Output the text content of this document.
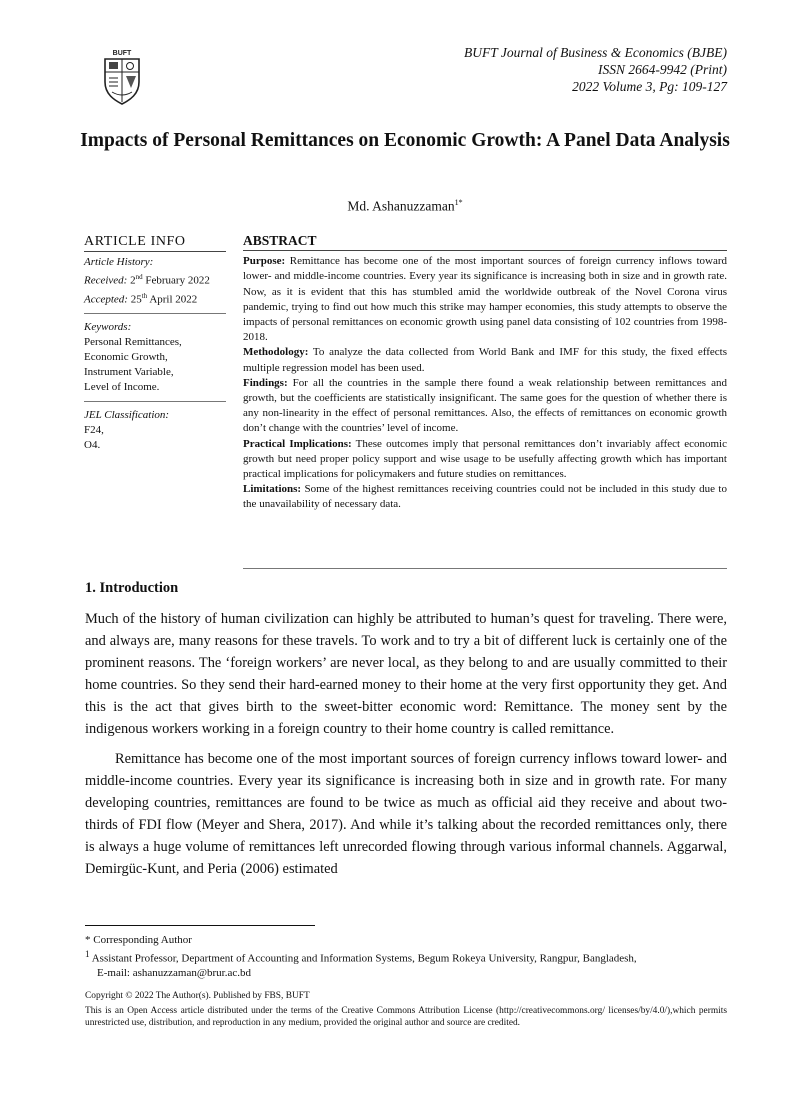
BUFT	BUFT Journal of Business & Economics (BJBE)
ISSN 2664-9942 (Print)
2022 Volume 3, Pg: 109-127
Impacts of Personal Remittances on Economic Growth: A Panel Data Analysis
Md. Ashanuzzaman$^{1*}$
ARTICLE INFO
Article History:
Received: 2nd February 2022
Accepted: 25th April 2022
Keywords:
Personal Remittances,
Economic Growth,
Instrument Variable,
Level of Income.
JEL Classification:
F24,
O4.
ABSTRACT

Purpose: Remittance has become one of the most important sources of foreign currency inflows toward lower- and middle-income countries. Every year its significance is increasing both in size and in growth rate. Now, as it is evident that this has stumbled amid the worldwide outbreak of the Novel Corona virus pandemic, trying to find out how much this strike may hamper economies, this study attempts to observe the impacts of personal remittances on economic growth using panel data consisting of 102 countries from 1998-2018.

Methodology: To analyze the data collected from World Bank and IMF for this study, the fixed effects multiple regression model has been used.

Findings: For all the countries in the sample there found a weak relationship between remittances and growth, but the coefficients are statistically insignificant. The same goes for the question of whether there is any non-linearity in the effect of personal remittances. Also, the effects of remittances on economic growth don’t change with the countries’ level of income.

Practical Implications: These outcomes imply that personal remittances don’t invariably affect economic growth but need proper policy support and wise usage to be usefully affecting growth which has important practical implications for policymakers and future studies on remittances.

Limitations: Some of the highest remittances receiving countries could not be included in this study due to the unavailability of necessary data.

1. Introduction

Much of the history of human civilization can highly be attributed to human’s quest for traveling. There were, and always are, many reasons for these travels. To work and to try a bit of different luck is certainly one of the prominent reasons. The ‘foreign workers’ are never local, as they belong to and are usually committed to their home countries. So they send their hard-earned money to their home at the very first opportunity they get. And this is the act that gives birth to the sweet-bitter economic word: Remittance. The money sent by the indigenous workers working in a foreign country to their home country is called remittance.

Remittance has become one of the most important sources of foreign currency inflows toward lower- and middle-income countries. Every year its significance is increasing both in size and in growth rate. For many developing countries, remittances are found to be twice as much as official aid they receive and about two-thirds of FDI flow (Meyer and Shera, 2017). And while it’s talking about the recorded remittances only, there is always a huge volume of remittances left unrecorded flowing through various informal channels. Aggarwal, Demirgüc-Kunt, and Peria (2006) estimated

* Corresponding Author

$^1$ Assistant Professor, Department of Accounting and Information Systems, Begum Rokeya University, Rangpur, Bangladesh,

E-mail: ashanuzzaman@brur.ac.bd

Copyright © 2022 The Author(s). Published by FBS, BUFT

This is an Open Access article distributed under the terms of the Creative Commons Attribution License (http://creativecommons.org/ licenses/by/4.0/),which permits unrestricted use, distribution, and reproduction in any medium, provided the original author and source are credited.
